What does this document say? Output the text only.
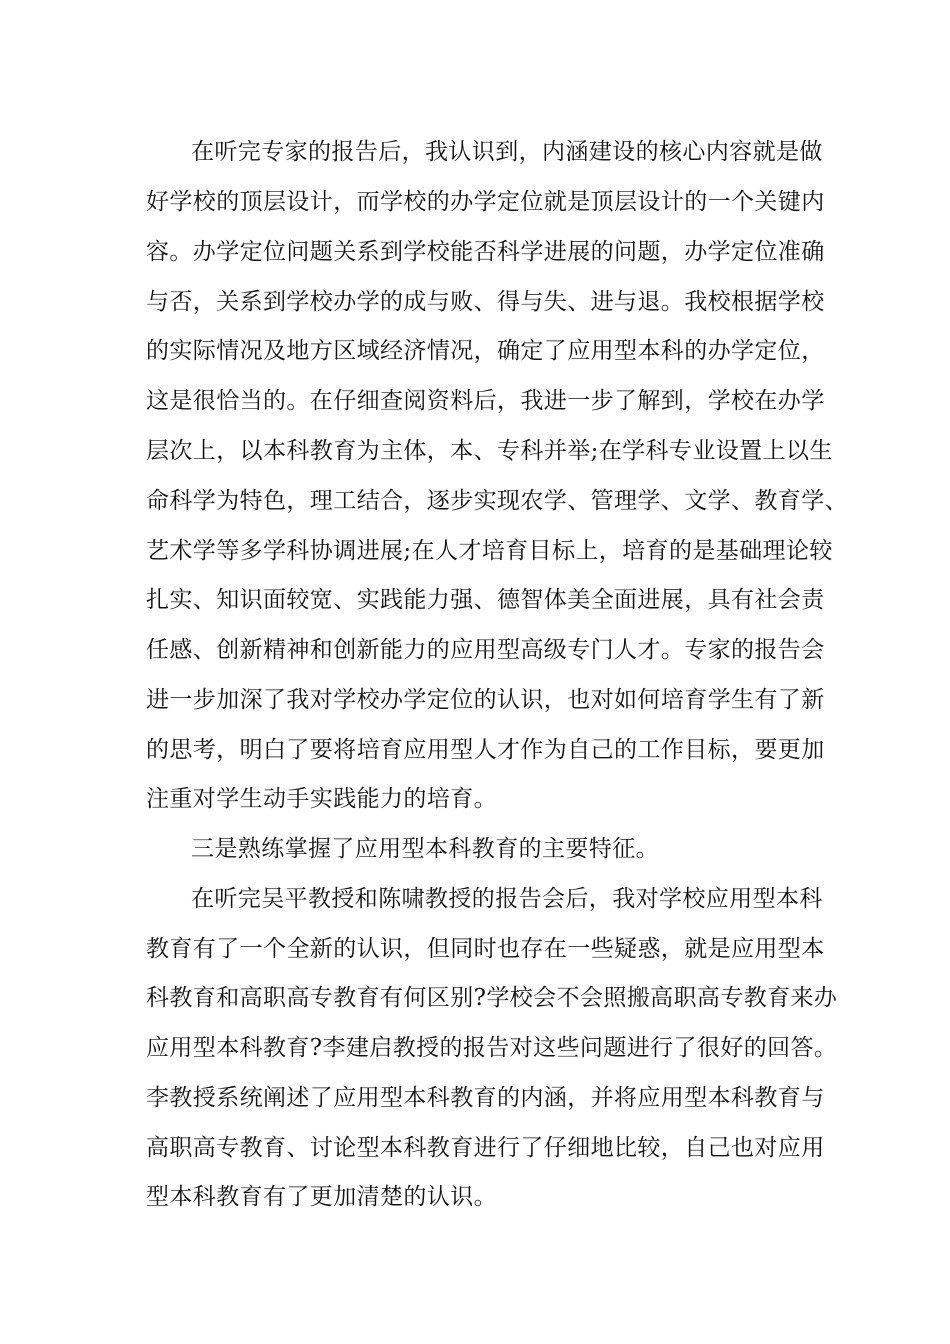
在听完专家的报告后，我认识到，内涵建设的核心内容就是做
好学校的顶层设计，而学校的办学定位就是顶层设计的一个关键内
容。办学定位问题关系到学校能否科学进展的问题，办学定位准确
与否，关系到学校办学的成与败、得与失、进与退。我校根据学校
的实际情况及地方区域经济情况，确定了应用型本科的办学定位，
这是很恰当的。在仔细查阅资料后，我进一步了解到，学校在办学
层次上，以本科教育为主体，本、专科并举;在学科专业设置上以生
命科学为特色，理工结合，逐步实现农学、管理学、文学、教育学、
艺术学等多学科协调进展;在人才培育目标上，培育的是基础理论较
扎实、知识面较宽、实践能力强、德智体美全面进展，具有社会责
任感、创新精神和创新能力的应用型高级专门人才。专家的报告会
进一步加深了我对学校办学定位的认识，也对如何培育学生有了新
的思考，明白了要将培育应用型人才作为自己的工作目标，要更加
注重对学生动手实践能力的培育。
三是熟练掌握了应用型本科教育的主要特征。
在听完吴平教授和陈啸教授的报告会后，我对学校应用型本科
教育有了一个全新的认识，但同时也存在一些疑惑，就是应用型本
科教育和高职高专教育有何区别?学校会不会照搬高职高专教育来办
应用型本科教育?李建启教授的报告对这些问题进行了很好的回答。
李教授系统阐述了应用型本科教育的内涵，并将应用型本科教育与
高职高专教育、讨论型本科教育进行了仔细地比较，自己也对应用
型本科教育有了更加清楚的认识。
